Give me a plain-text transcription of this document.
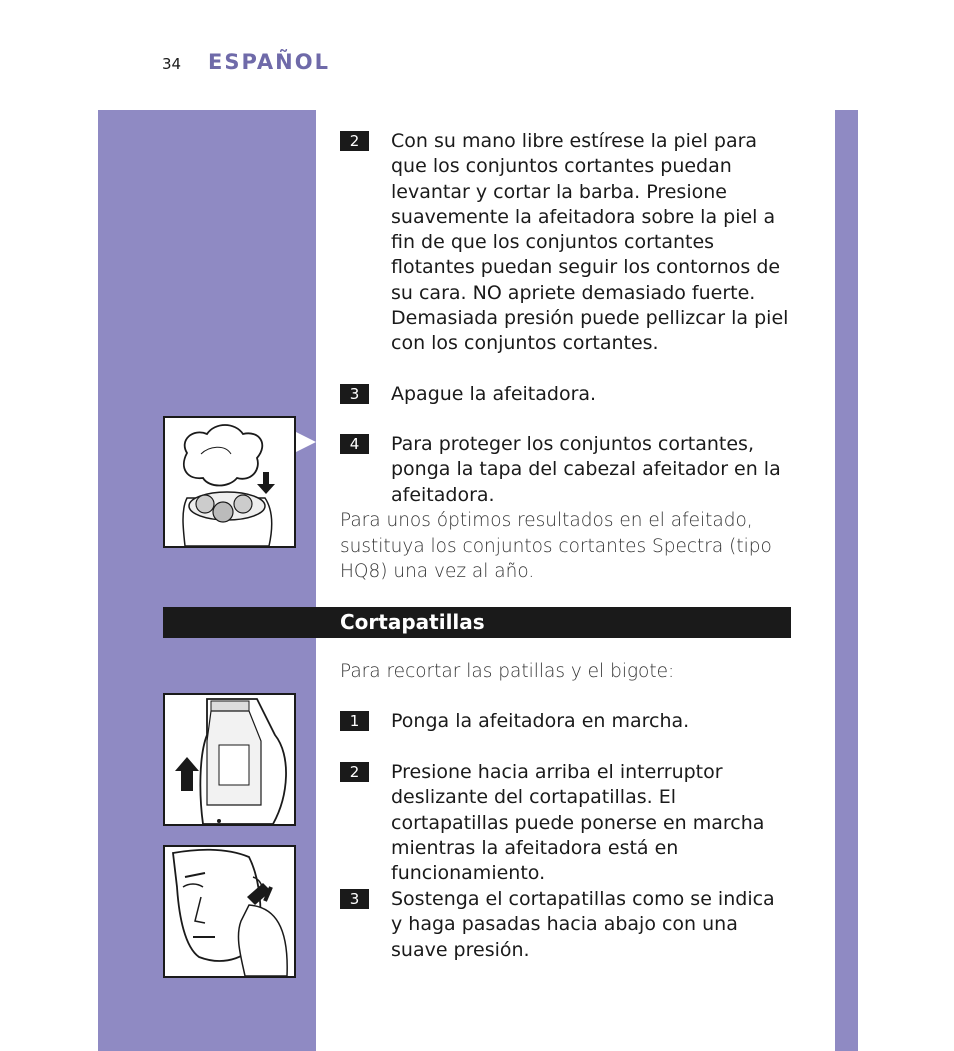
34 ESPAÑOL
2	Con su mano libre estírese la piel para que los conjuntos cortantes puedan levantar y cortar la barba. Presione suavemente la afeitadora sobre la piel a fin de que los conjuntos cortantes flotantes puedan seguir los contornos de su cara. NO apriete demasiado fuerte. Demasiada presión puede pellizcar la piel con los conjuntos cortantes.
3	Apague la afeitadora.
4	Para proteger los conjuntos cortantes, ponga la tapa del cabezal afeitador en la afeitadora.
Para unos óptimos resultados en el afeitado, sustituya los conjuntos cortantes Spectra (tipo HQ8) una vez al año.
Cortapatillas
Para recortar las patillas y el bigote:
1	Ponga la afeitadora en marcha.
2	Presione hacia arriba el interruptor deslizante del cortapatillas. El cortapatillas puede ponerse en marcha mientras la afeitadora está en funcionamiento.
3	Sostenga el cortapatillas como se indica y haga pasadas hacia abajo con una suave presión.
